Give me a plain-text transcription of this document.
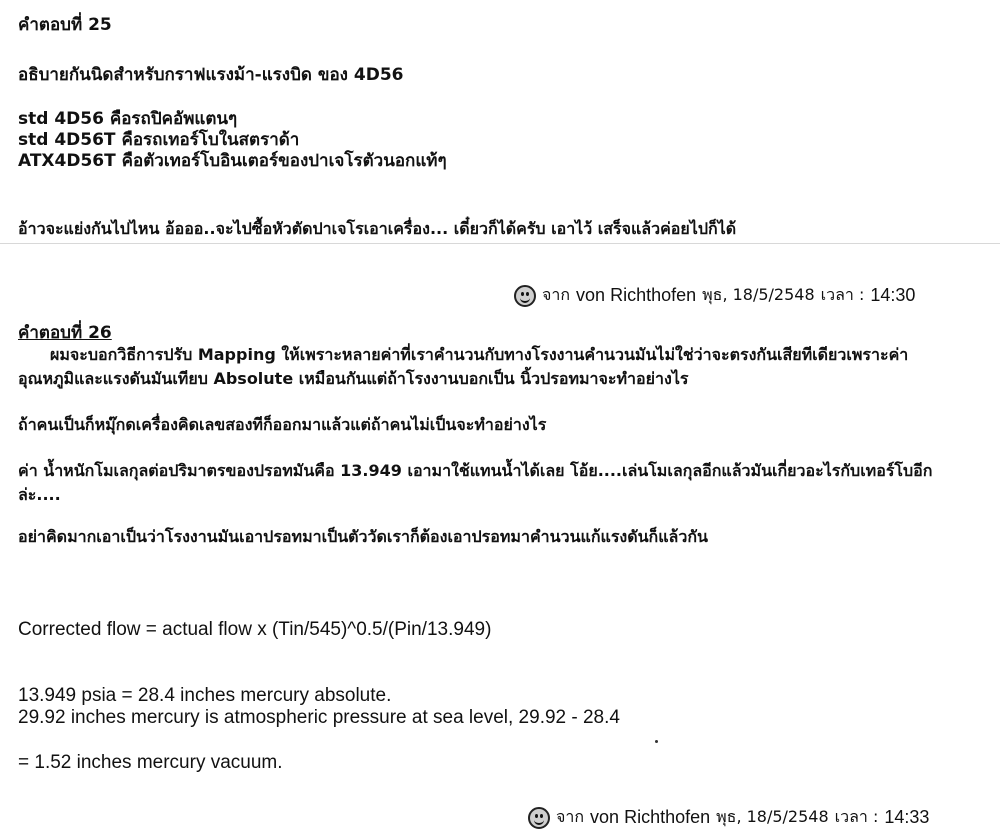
คำตอบที่ 25
อธิบายกันนิดสำหรับกราฟแรงม้า-แรงบิด ของ 4D56
std 4D56 คือรถปิคอัพแตนๆ
std 4D56T คือรถเทอร์โบในสตราด้า
ATX4D56T คือตัวเทอร์โบอินเตอร์ของปาเจโรตัวนอกแท้ๆ
อ้าวจะแย่งกันไปไหน อ้อออ..จะไปซื้อหัวตัดปาเจโรเอาเครื่อง... เดี๋ยวก็ได้ครับ เอาไว้ เสร็จแล้วค่อยไปก็ได้
จาก von Richthofen พุธ, 18/5/2548 เวลา : 14:30
คำตอบที่ 26
ผมจะบอกวิธีการปรับ Mapping ให้เพราะหลายค่าที่เราคำนวนกับทางโรงงานคำนวนมันไม่ใช่ว่าจะตรงกันเสียทีเดียวเพราะค่า
อุณหภูมิและแรงดันมันเทียบ Absolute เหมือนกันแต่ถ้าโรงงานบอกเป็น นิ้วปรอทมาจะทำอย่างไร
ถ้าคนเป็นก็หมุ๊กดเครื่องคิดเลขสองทีก็ออกมาแล้วแต่ถ้าคนไม่เป็นจะทำอย่างไร
ค่า น้ำหนักโมเลกุลต่อปริมาตรของปรอทมันคือ 13.949 เอามาใช้แทนน้ำได้เลย โอ้ย....เล่นโมเลกุลอีกแล้วมันเกี่ยวอะไรกับเทอร์โบอีก
ล่ะ....
อย่าคิดมากเอาเป็นว่าโรงงานมันเอาปรอทมาเป็นตัววัดเราก็ต้องเอาปรอทมาคำนวนแก้แรงดันก็แล้วกัน
Corrected flow = actual flow x (Tin/545)^0.5/(Pin/13.949)
13.949 psia = 28.4 inches mercury absolute.
29.92 inches mercury is atmospheric pressure at sea level, 29.92 - 28.4
= 1.52 inches mercury vacuum.
จาก von Richthofen พุธ, 18/5/2548 เวลา : 14:33
